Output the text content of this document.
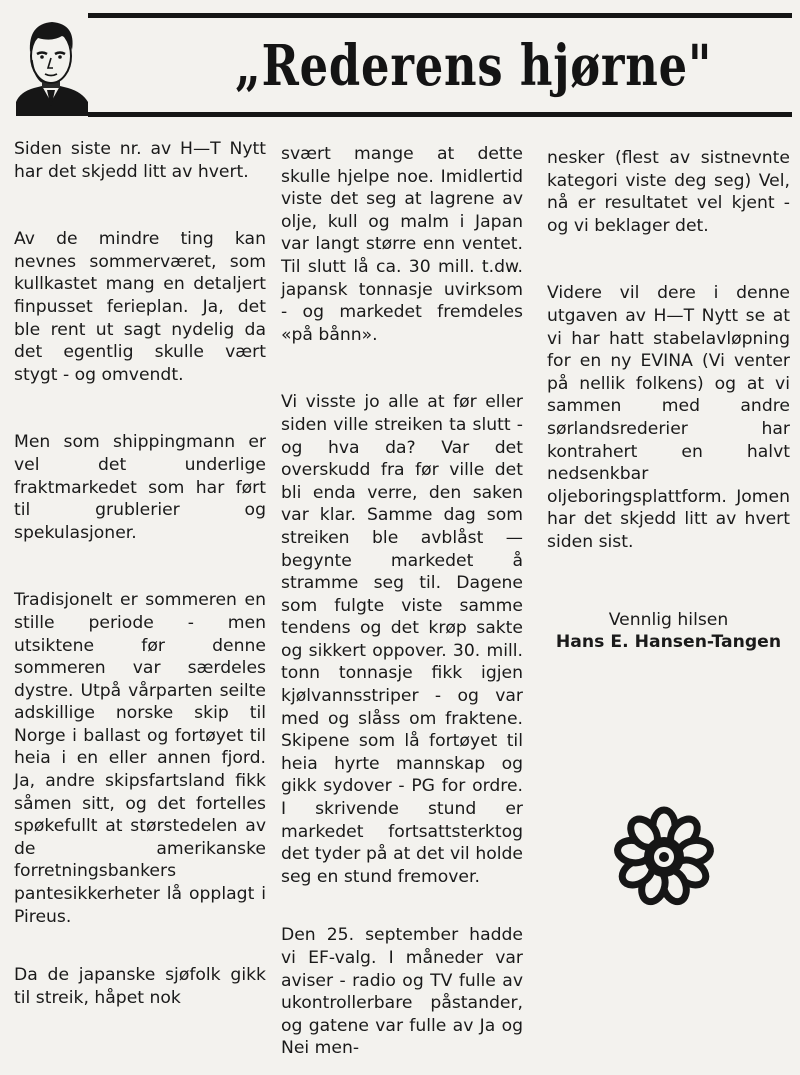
„Rederens hjørne"

Siden siste nr. av H—T Nytt har det skjedd litt av hvert.

Av de mindre ting kan nevnes sommerværet, som kullkastet mang en detaljert finpusset ferieplan. Ja, det ble rent ut sagt nydelig da det egentlig skulle vært stygt - og omvendt.

Men som shippingmann er vel det underlige fraktmarkedet som har ført til grublerier og spekulasjoner.

Tradisjonelt er sommeren en stille periode - men utsiktene før denne sommeren var særdeles dystre. Utpå vårparten seilte adskillige norske skip til Norge i ballast og fortøyet til heia i en eller annen fjord. Ja, andre skipsfartsland fikk såmen sitt, og det fortelles spøkefullt at størstedelen av de amerikanske forretningsbankers pantesikkerheter lå opplagt i Pireus.

Da de japanske sjøfolk gikk til streik, håpet nok

svært mange at dette skulle hjelpe noe. Imidlertid viste det seg at lagrene av olje, kull og malm i Japan var langt større enn ventet. Til slutt lå ca. 30 mill. t.dw. japansk tonnasje uvirksom - og markedet fremdeles «på bånn».

Vi visste jo alle at før eller siden ville streiken ta slutt - og hva da? Var det overskudd fra før ville det bli enda verre, den saken var klar. Samme dag som streiken ble avblåst — begynte markedet å stramme seg til. Dagene som fulgte viste samme tendens og det krøp sakte og sikkert oppover. 30. mill. tonn tonnasje fikk igjen kjølvannsstriper - og var med og slåss om fraktene. Skipene som lå fortøyet til heia hyrte mannskap og gikk sydover - PG for ordre. I skrivende stund er markedet fortsattsterktog det tyder på at det vil holde seg en stund fremover.

Den 25. september hadde vi EF-valg. I måneder var aviser - radio og TV fulle av ukontrollerbare påstander, og gatene var fulle av Ja og Nei men-

nesker (flest av sistnevnte kategori viste deg seg) Vel, nå er resultatet vel kjent - og vi beklager det.

Videre vil dere i denne utgaven av H—T Nytt se at vi har hatt stabelavløpning for en ny EVINA (Vi venter på nellik folkens) og at vi sammen med andre sørlandsrederier har kontrahert en halvt nedsenkbar oljeboringsplattform. Jomen har det skjedd litt av hvert siden sist.

Vennlig hilsen
Hans E. Hansen-Tangen
